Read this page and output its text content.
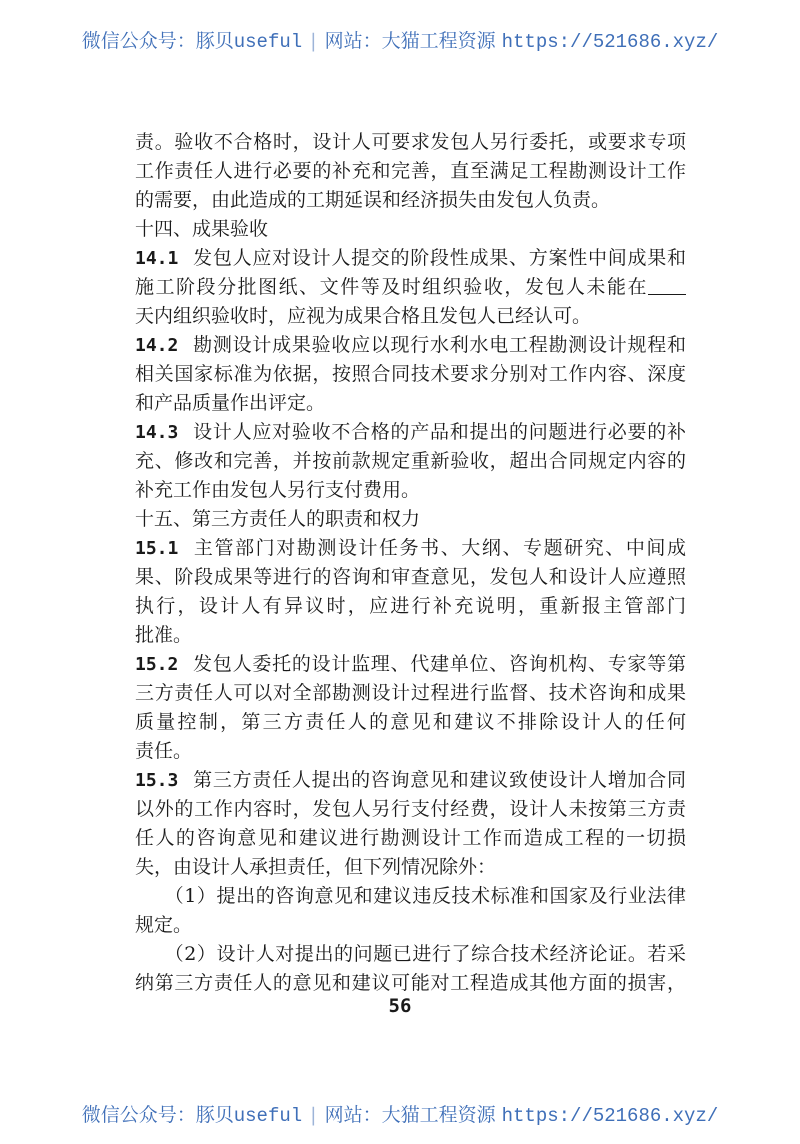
微信公众号：豚贝useful | 网站：大猫工程资源 https://521686.xyz/
责。验收不合格时，设计人可要求发包人另行委托，或要求专项
工作责任人进行必要的补充和完善，直至满足工程勘测设计工作
的需要，由此造成的工期延误和经济损失由发包人负责。
十四、成果验收
14.1 发包人应对设计人提交的阶段性成果、方案性中间成果和
施工阶段分批图纸、文件等及时组织验收，发包人未能在
天内组织验收时，应视为成果合格且发包人已经认可。
14.2 勘测设计成果验收应以现行水利水电工程勘测设计规程和
相关国家标准为依据，按照合同技术要求分别对工作内容、深度
和产品质量作出评定。
14.3 设计人应对验收不合格的产品和提出的问题进行必要的补
充、修改和完善，并按前款规定重新验收，超出合同规定内容的
补充工作由发包人另行支付费用。
十五、第三方责任人的职责和权力
15.1 主管部门对勘测设计任务书、大纲、专题研究、中间成
果、阶段成果等进行的咨询和审查意见，发包人和设计人应遵照
执行，设计人有异议时，应进行补充说明，重新报主管部门
批准。
15.2 发包人委托的设计监理、代建单位、咨询机构、专家等第
三方责任人可以对全部勘测设计过程进行监督、技术咨询和成果
质量控制，第三方责任人的意见和建议不排除设计人的任何
责任。
15.3 第三方责任人提出的咨询意见和建议致使设计人增加合同
以外的工作内容时，发包人另行支付经费，设计人未按第三方责
任人的咨询意见和建议进行勘测设计工作而造成工程的一切损
失，由设计人承担责任，但下列情况除外：
　　（1）提出的咨询意见和建议违反技术标准和国家及行业法律
规定。
　　（2）设计人对提出的问题已进行了综合技术经济论证。若采
纳第三方责任人的意见和建议可能对工程造成其他方面的损害，
56
微信公众号：豚贝useful | 网站：大猫工程资源 https://521686.xyz/
